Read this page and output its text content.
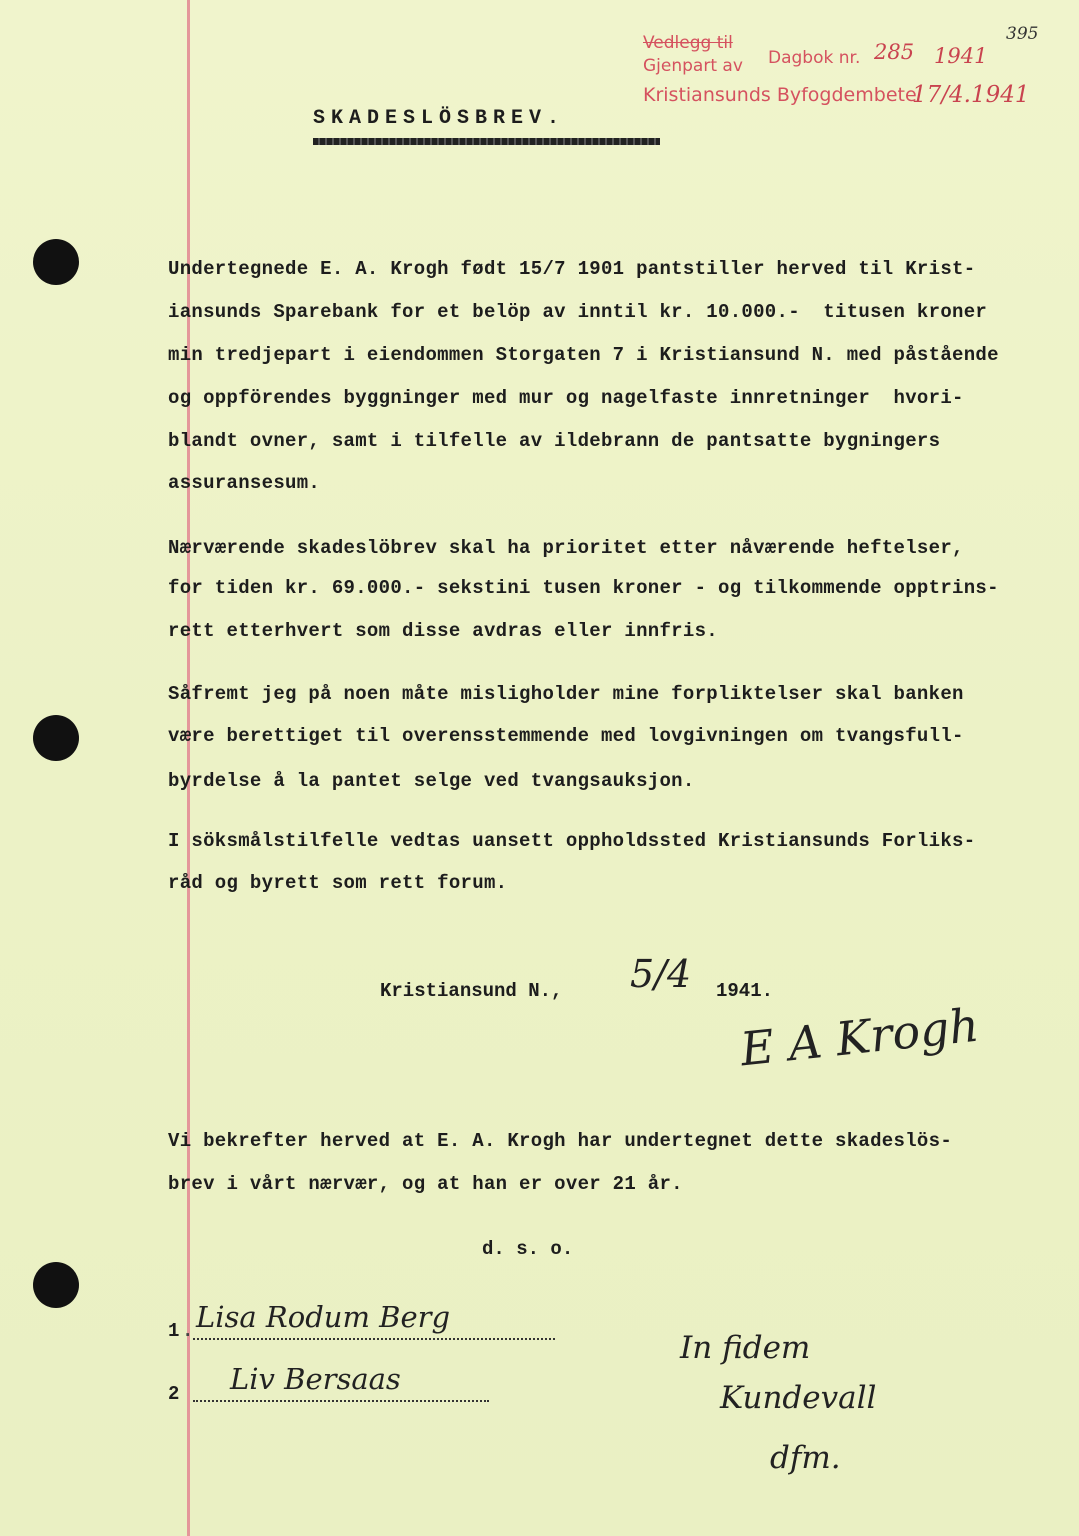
395
Vedlegg til
Gjenpart av
Kristiansunds Byfogdembete
Dagbok nr. 285 1941
17/4.1941
SKADESLÖSBREV.
Undertegnede E. A. Krogh født 15/7 1901 pantstiller herved til Krist-
iansunds Sparebank for et belöp av inntil kr. 10.000.-  titusen kroner
min tredjepart i eiendommen Storgaten 7 i Kristiansund N. med påstående
og oppförendes byggninger med mur og nagelfaste innretninger  hvori-
blandt ovner, samt i tilfelle av ildebrann de pantsatte bygningers
assuransesum.
Nærværende skadeslöbrev skal ha prioritet etter nåværende heftelser,
for tiden kr. 69.000.- sekstini tusen kroner - og tilkommende opptrins-
rett etterhvert som disse avdras eller innfris.
Såfremt jeg på noen måte misligholder mine forpliktelser skal banken
være berettiget til overensstemmende med lovgivningen om tvangsfull-
byrdelse å la pantet selge ved tvangsauksjon.
I söksmålstilfelle vedtas uansett oppholdssted Kristiansunds Forliks-
råd og byrett som rett forum.
Kristiansund N., 5/4 1941.
E A Krogh
Vi bekrefter herved at E. A. Krogh har undertegnet dette skadeslös-
brev i vårt nærvær, og at han er over 21 år.
d. s. o.
1 . Lisa Rodum Berg
2 Liv Bersaas
In fidem
Kundevall
dfm.
